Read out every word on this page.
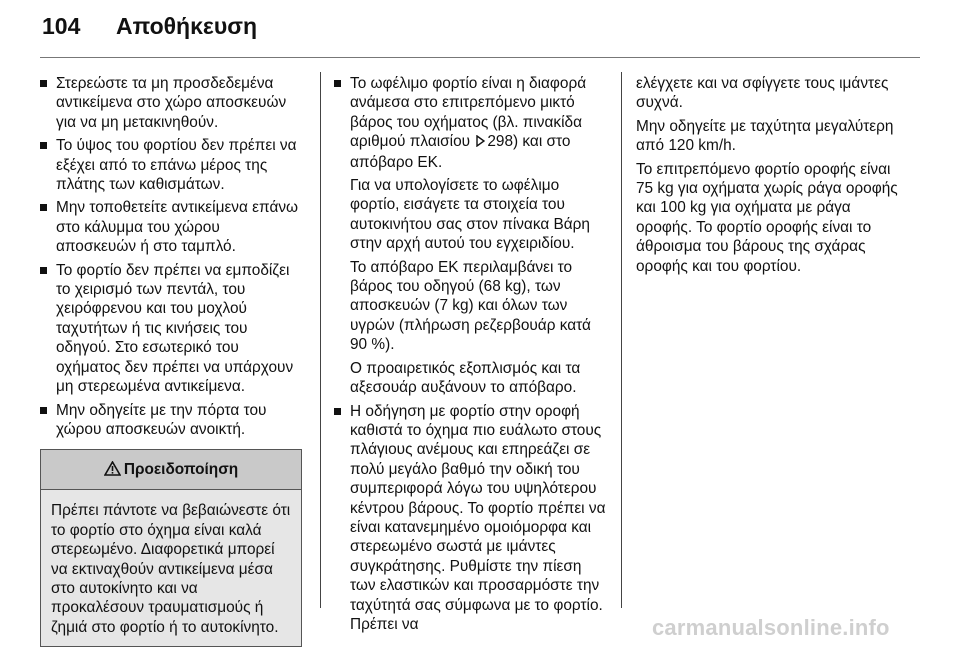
104 Αποθήκευση
Στερεώστε τα μη προσδεδεμένα αντικείμενα στο χώρο αποσκευών για να μη μετακινηθούν.
Το ύψος του φορτίου δεν πρέπει να εξέχει από το επάνω μέρος της πλάτης των καθισμάτων.
Μην τοποθετείτε αντικείμενα επάνω στο κάλυμμα του χώρου αποσκευών ή στο ταμπλό.
Το φορτίο δεν πρέπει να εμποδίζει το χειρισμό των πεντάλ, του χειρόφρενου και του μοχλού ταχυτήτων ή τις κινήσεις του οδηγού. Στο εσωτερικό του οχήματος δεν πρέπει να υπάρχουν μη στερεωμένα αντικείμενα.
Μην οδηγείτε με την πόρτα του χώρου αποσκευών ανοικτή.
Προειδοποίηση
Πρέπει πάντοτε να βεβαιώνεστε ότι το φορτίο στο όχημα είναι καλά στερεωμένο. Διαφορετικά μπορεί να εκτιναχθούν αντικείμενα μέσα στο αυτοκίνητο και να προκαλέσουν τραυματισμούς ή ζημιά στο φορτίο ή το αυτοκίνητο.
Το ωφέλιμο φορτίο είναι η διαφορά ανάμεσα στο επιτρεπόμενο μικτό βάρος του οχήματος (βλ. πινακίδα αριθμού πλαισίου 298) και στο απόβαρο ΕΚ.

Για να υπολογίσετε το ωφέλιμο φορτίο, εισάγετε τα στοιχεία του αυτοκινήτου σας στον πίνακα Βάρη στην αρχή αυτού του εγχειριδίου.

Το απόβαρο ΕΚ περιλαμβάνει το βάρος του οδηγού (68 kg), των αποσκευών (7 kg) και όλων των υγρών (πλήρωση ρεζερβουάρ κατά 90 %).

Ο προαιρετικός εξοπλισμός και τα αξεσουάρ αυξάνουν το απόβαρο.

Η οδήγηση με φορτίο στην οροφή καθιστά το όχημα πιο ευάλωτο στους πλάγιους ανέμους και επηρεάζει σε πολύ μεγάλο βαθμό την οδική του συμπεριφορά λόγω του υψηλότερου κέντρου βάρους. Το φορτίο πρέπει να είναι κατανεμημένο ομοιόμορφα και στερεωμένο σωστά με ιμάντες συγκράτησης. Ρυθμίστε την πίεση των ελαστικών και προσαρμόστε την ταχύτητά σας σύμφωνα με το φορτίο. Πρέπει να

ελέγχετε και να σφίγγετε τους ιμάντες συχνά.

Μην οδηγείτε με ταχύτητα μεγαλύτερη από 120 km/h.

Το επιτρεπόμενο φορτίο οροφής είναι 75 kg για οχήματα χωρίς ράγα οροφής και 100 kg για οχήματα με ράγα οροφής. Το φορτίο οροφής είναι το άθροισμα του βάρους της σχάρας οροφής και του φορτίου.

carmanualsonline.info
